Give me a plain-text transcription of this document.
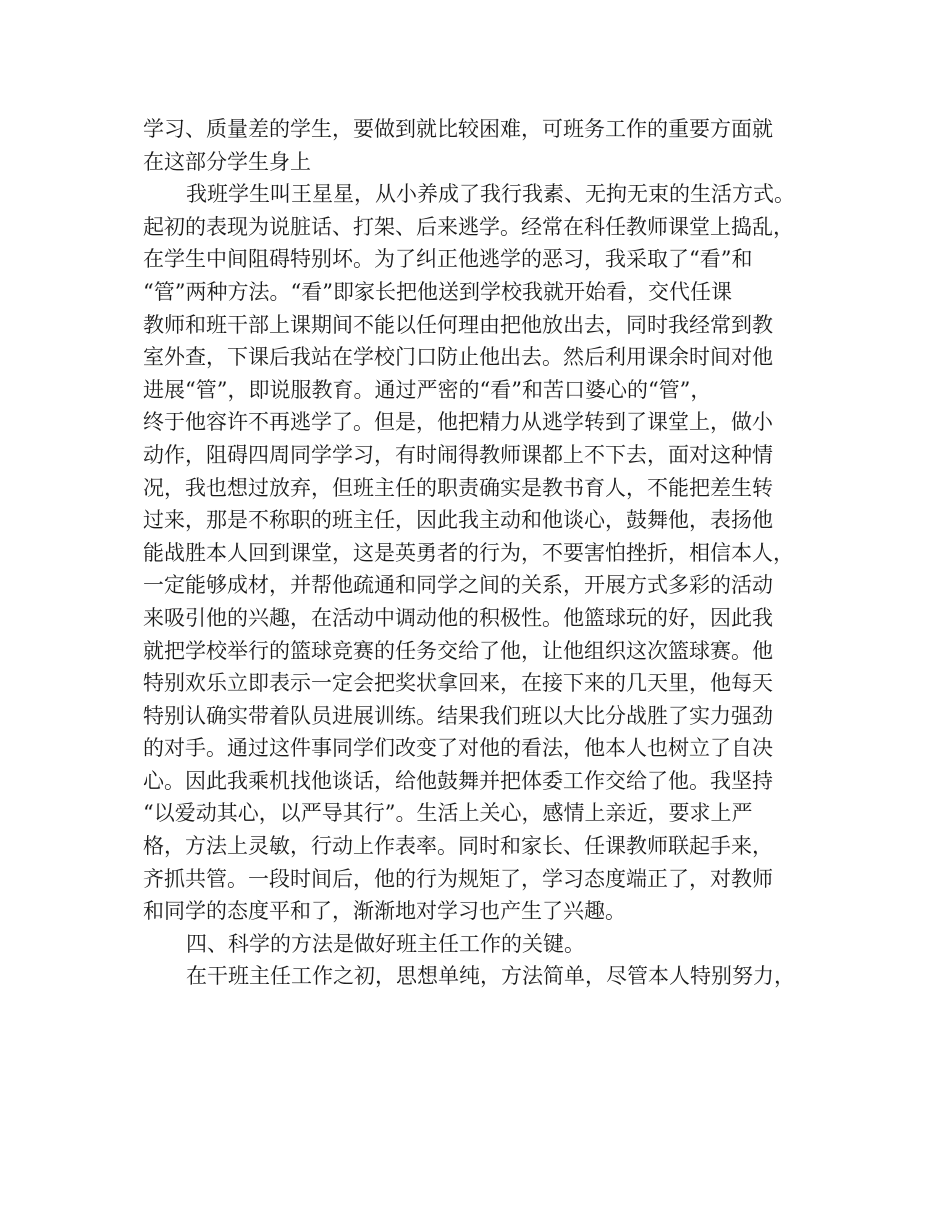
学习、质量差的学生，要做到就比较困难，可班务工作的重要方面就
在这部分学生身上
我班学生叫王星星，从小养成了我行我素、无拘无束的生活方式。
起初的表现为说脏话、打架、后来逃学。经常在科任教师课堂上捣乱，
在学生中间阻碍特别坏。为了纠正他逃学的恶习，我采取了“看”和
“管”两种方法。“看”即家长把他送到学校我就开始看，交代任课
教师和班干部上课期间不能以任何理由把他放出去，同时我经常到教
室外查，下课后我站在学校门口防止他出去。然后利用课余时间对他
进展“管”，即说服教育。通过严密的“看”和苦口婆心的“管”，
终于他容许不再逃学了。但是，他把精力从逃学转到了课堂上，做小
动作，阻碍四周同学学习，有时闹得教师课都上不下去，面对这种情
况，我也想过放弃，但班主任的职责确实是教书育人，不能把差生转
过来，那是不称职的班主任，因此我主动和他谈心，鼓舞他，表扬他
能战胜本人回到课堂，这是英勇者的行为，不要害怕挫折，相信本人，
一定能够成材，并帮他疏通和同学之间的关系，开展方式多彩的活动
来吸引他的兴趣，在活动中调动他的积极性。他篮球玩的好，因此我
就把学校举行的篮球竞赛的任务交给了他，让他组织这次篮球赛。他
特别欢乐立即表示一定会把奖状拿回来，在接下来的几天里，他每天
特别认确实带着队员进展训练。结果我们班以大比分战胜了实力强劲
的对手。通过这件事同学们改变了对他的看法，他本人也树立了自决
心。因此我乘机找他谈话，给他鼓舞并把体委工作交给了他。我坚持
“以爱动其心，以严导其行”。生活上关心，感情上亲近，要求上严
格，方法上灵敏，行动上作表率。同时和家长、任课教师联起手来，
齐抓共管。一段时间后，他的行为规矩了，学习态度端正了，对教师
和同学的态度平和了，渐渐地对学习也产生了兴趣。
四、科学的方法是做好班主任工作的关键。
在干班主任工作之初，思想单纯，方法简单，尽管本人特别努力，
